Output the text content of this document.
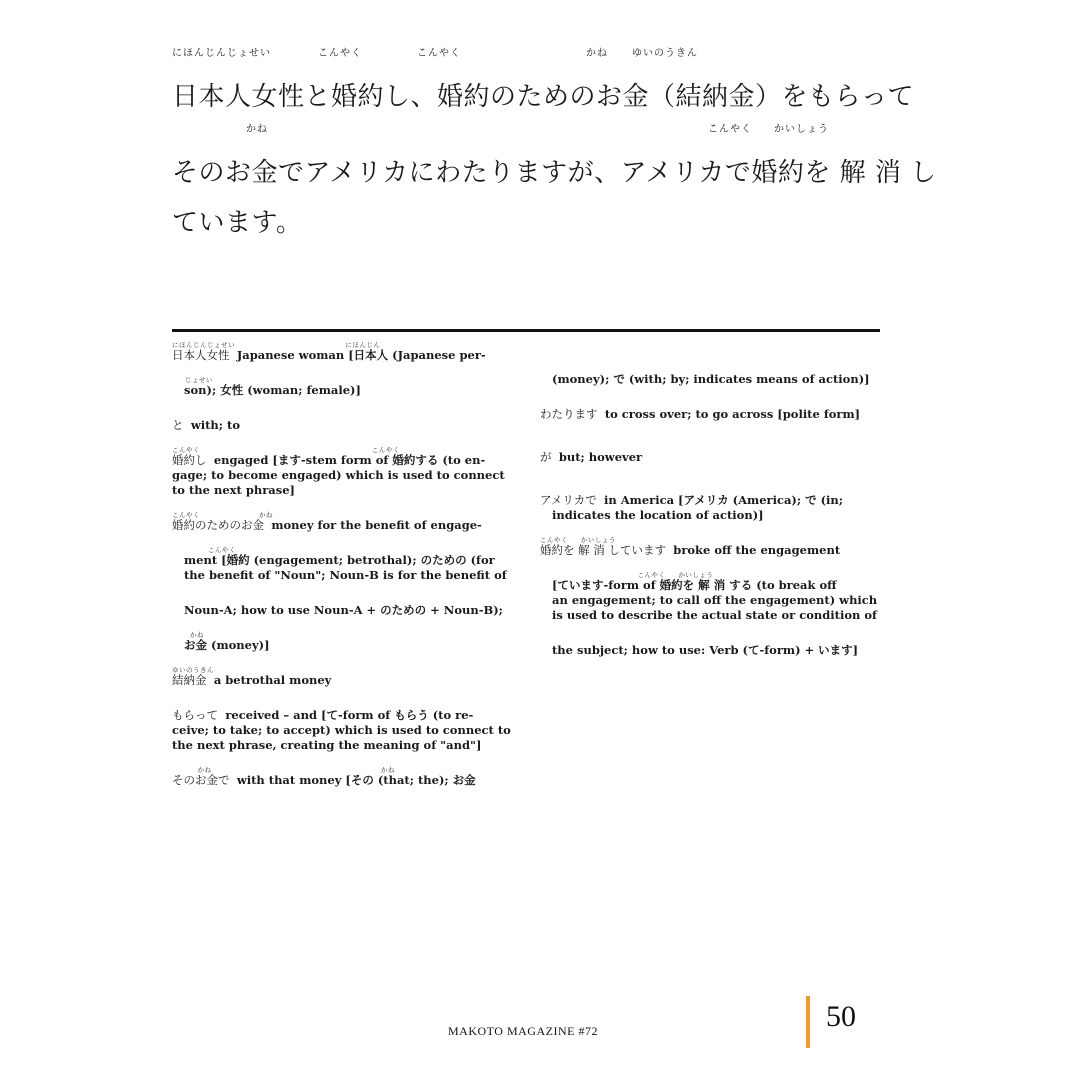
にほんじんじょせい	こんやく	こんやく	かね ゆいのうきん
日本人女性と婚約し、婚約のためのお金（結納金）をもらって
かね	こんやく かいしょう
そのお金でアメリカにわたりますが、アメリカで婚約を 解 消 し
ています。
にほんじんじょせい                                           にほんじん
日本人女性 Japanese woman [日本人 (Japanese per-
じょせい
son); 女性 (woman; female)]
と with; to
こんやく                                                                   こんやく
婚約し engaged [ます-stem form of 婚約する (to en-
gage; to become engaged) which is used to connect
to the next phrase]
こんやく                       かね
婚約のためのお金 money for the benefit of engage-
こんやく
ment [婚約 (engagement; betrothal); のための (for
the benefit of "Noun"; Noun-B is for the benefit of
Noun-A; how to use Noun-A + のための + Noun-B);
かね
お金 (money)]
ゆいのうきん
結納金 a betrothal money
もらって received – and [て-form of もらう (to re-
ceive; to take; to accept) which is used to connect to
the next phrase, creating the meaning of "and"]
かね                                                                  かね
そのお金で with that money [その (that; the); お金
(money); で (with; by; indicates means of action)]
わたります to cross over; to go across [polite form]
が but; however
アメリカで in America [アメリカ (America); で (in;
indicates the location of action)]
こんやく     かいしょう
婚約を 解 消 しています broke off the engagement
こんやく     かいしょう
[ています-form of 婚約を 解 消 する (to break off
an engagement; to call off the engagement) which
is used to describe the actual state or condition of
the subject; how to use: Verb (て-form) + います]
MAKOTO MAGAZINE #72	50
